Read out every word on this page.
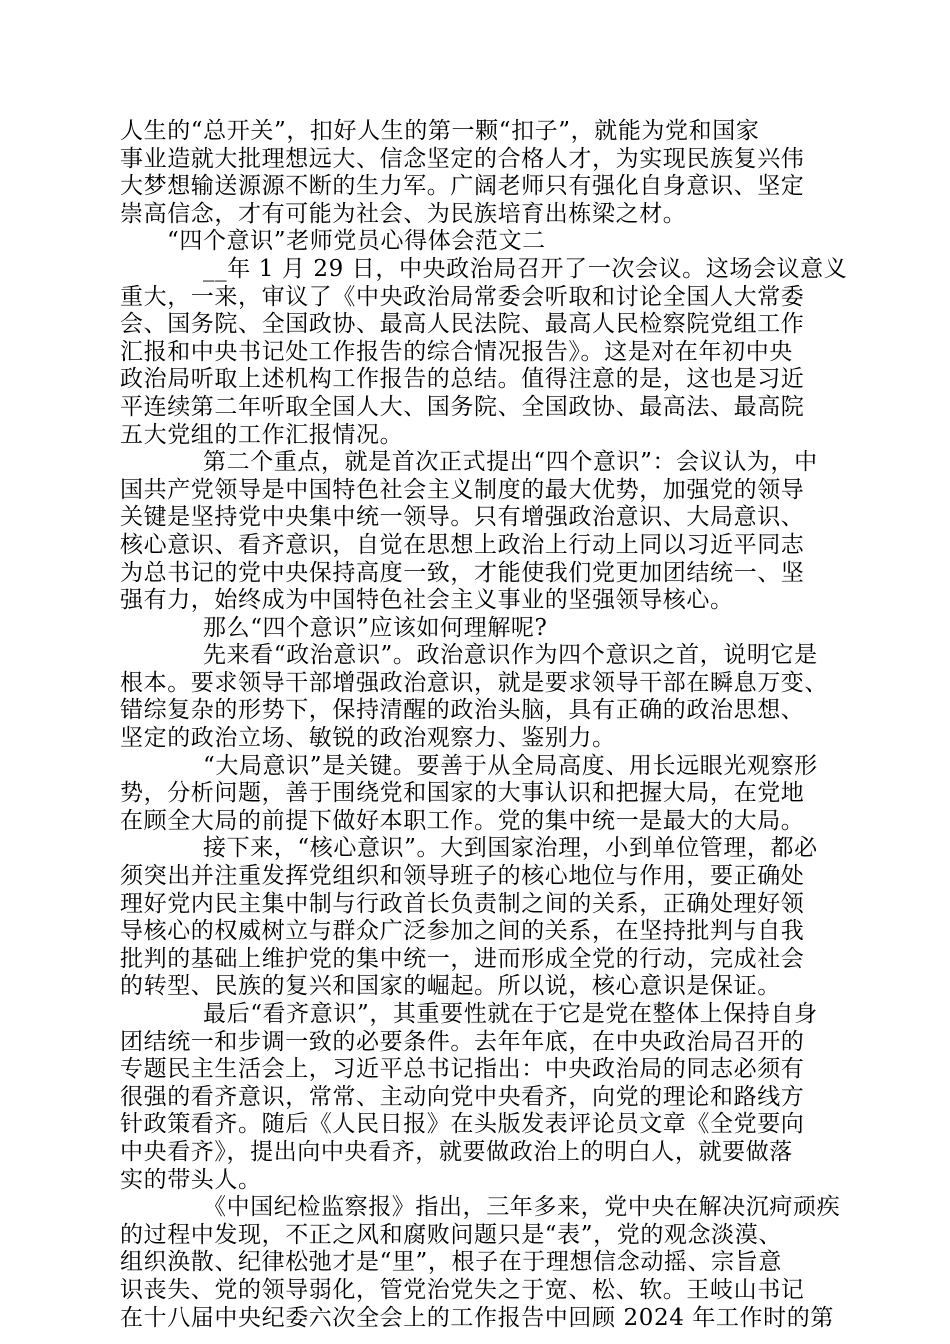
人生的“总开关”，扣好人生的第一颗“扣子”，就能为党和国家
事业造就大批理想远大、信念坚定的合格人才，为实现民族复兴伟
大梦想输送源源不断的生力军。广阔老师只有强化自身意识、坚定
崇高信念，才有可能为社会、为民族培育出栋梁之材。
“四个意识”老师党员心得体会范文二
__年 1 月 29 日，中央政治局召开了一次会议。这场会议意义
重大，一来，审议了《中央政治局常委会听取和讨论全国人大常委
会、国务院、全国政协、最高人民法院、最高人民检察院党组工作
汇报和中央书记处工作报告的综合情况报告》。这是对在年初中央
政治局听取上述机构工作报告的总结。值得注意的是，这也是习近
平连续第二年听取全国人大、国务院、全国政协、最高法、最高院
五大党组的工作汇报情况。
第二个重点，就是首次正式提出“四个意识”：会议认为，中
国共产党领导是中国特色社会主义制度的最大优势，加强党的领导
关键是坚持党中央集中统一领导。只有增强政治意识、大局意识、
核心意识、看齐意识，自觉在思想上政治上行动上同以习近平同志
为总书记的党中央保持高度一致，才能使我们党更加团结统一、坚
强有力，始终成为中国特色社会主义事业的坚强领导核心。
那么“四个意识”应该如何理解呢?
先来看“政治意识”。政治意识作为四个意识之首，说明它是
根本。要求领导干部增强政治意识，就是要求领导干部在瞬息万变、
错综复杂的形势下，保持清醒的政治头脑，具有正确的政治思想、
坚定的政治立场、敏锐的政治观察力、鉴别力。
“大局意识”是关键。要善于从全局高度、用长远眼光观察形
势，分析问题，善于围绕党和国家的大事认识和把握大局，在党地
在顾全大局的前提下做好本职工作。党的集中统一是最大的大局。
接下来，“核心意识”。大到国家治理，小到单位管理，都必
须突出并注重发挥党组织和领导班子的核心地位与作用，要正确处
理好党内民主集中制与行政首长负责制之间的关系，正确处理好领
导核心的权威树立与群众广泛参加之间的关系，在坚持批判与自我
批判的基础上维护党的集中统一，进而形成全党的行动，完成社会
的转型、民族的复兴和国家的崛起。所以说，核心意识是保证。
最后“看齐意识”，其重要性就在于它是党在整体上保持自身
团结统一和步调一致的必要条件。去年年底，在中央政治局召开的
专题民主生活会上，习近平总书记指出：中央政治局的同志必须有
很强的看齐意识，常常、主动向党中央看齐，向党的理论和路线方
针政策看齐。随后《人民日报》在头版发表评论员文章《全党要向
中央看齐》，提出向中央看齐，就要做政治上的明白人，就要做落
实的带头人。
《中国纪检监察报》指出，三年多来，党中央在解决沉疴顽疾
的过程中发现，不正之风和腐败问题只是“表”，党的观念淡漠、
组织涣散、纪律松弛才是“里”，根子在于理想信念动摇、宗旨意
识丧失、党的领导弱化，管党治党失之于宽、松、软。王岐山书记
在十八届中央纪委六次全会上的工作报告中回顾 2024 年工作时的第
